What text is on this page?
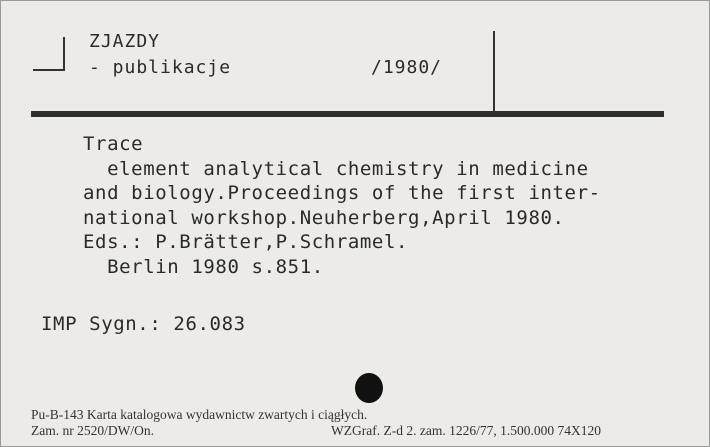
ZJAZDY
- publikacje	/1980/
Trace
element analytical chemistry in medicine
and biology.Proceedings of the first inter-
national workshop.Neuherberg,April 1980.
Eds.: P.Brätter,P.Schramel.
Berlin 1980 s.851.
IMP Sygn.: 26.083
Pu-B-143 Karta katalogowa wydawnictw zwartych i ciągłych.
Zam. nr 2520/DW/On.	WZGraf. Z-d 2. zam. 1226/77, 1.500.000 74X120
